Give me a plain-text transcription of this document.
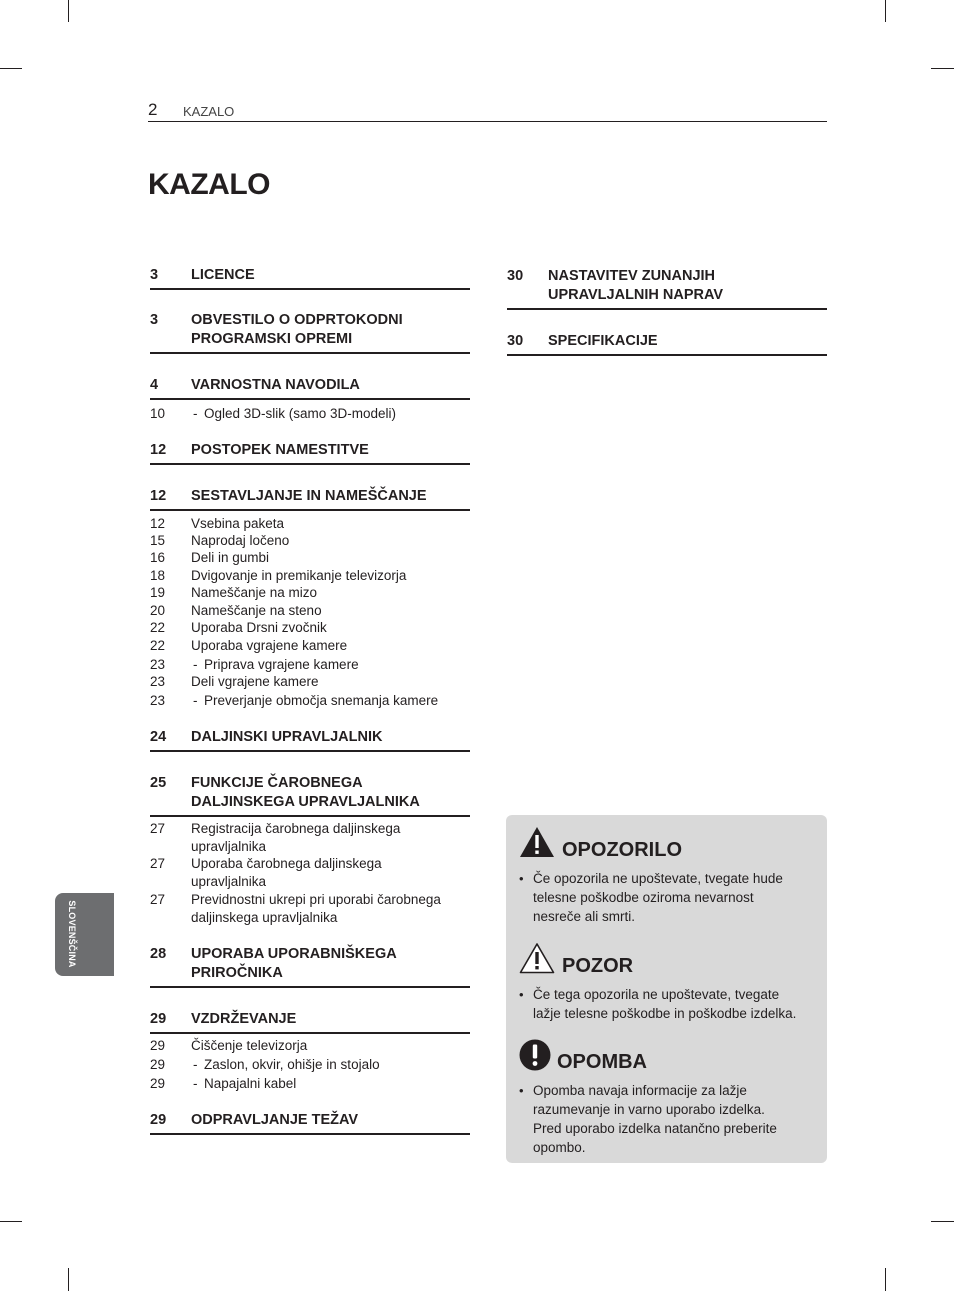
2 KAZALO
KAZALO
SLOVENŠČINA
3 LICENCE
3 OBVESTILO O ODPRTOKODNI
PROGRAMSKI OPREMI
4 VARNOSTNA NAVODILA
10 - Ogled 3D-slik (samo 3D-modeli)
12 POSTOPEK NAMESTITVE
12 SESTAVLJANJE IN NAMEŠČANJE
12 Vsebina paketa
15 Naprodaj ločeno
16 Deli in gumbi
18 Dvigovanje in premikanje televizorja
19 Nameščanje na mizo
20 Nameščanje na steno
22 Uporaba Drsni zvočnik
22 Uporaba vgrajene kamere
23 - Priprava vgrajene kamere
23 Deli vgrajene kamere
23 - Preverjanje območja snemanja kamere
24 DALJINSKI UPRAVLJALNIK
25 FUNKCIJE ČAROBNEGA
DALJINSKEGA UPRAVLJALNIKA
27 Registracija čarobnega daljinskega
upravljalnika
27 Uporaba čarobnega daljinskega
upravljalnika
27 Previdnostni ukrepi pri uporabi čarobnega
daljinskega upravljalnika
28 UPORABA UPORABNIŠKEGA
PRIROČNIKA
29 VZDRŽEVANJE
29 Čiščenje televizorja
29 - Zaslon, okvir, ohišje in stojalo
29 - Napajalni kabel
29 ODPRAVLJANJE TEŽAV
30 NASTAVITEV ZUNANJIH
UPRAVLJALNIH NAPRAV
30 SPECIFIKACIJE
OPOZORILO
• Če opozorila ne upoštevate, tvegate hude
telesne poškodbe oziroma nevarnost
nesreče ali smrti.
POZOR
• Če tega opozorila ne upoštevate, tvegate
lažje telesne poškodbe in poškodbe izdelka.
OPOMBA
• Opomba navaja informacije za lažje
razumevanje in varno uporabo izdelka.
Pred uporabo izdelka natančno preberite
opombo.
